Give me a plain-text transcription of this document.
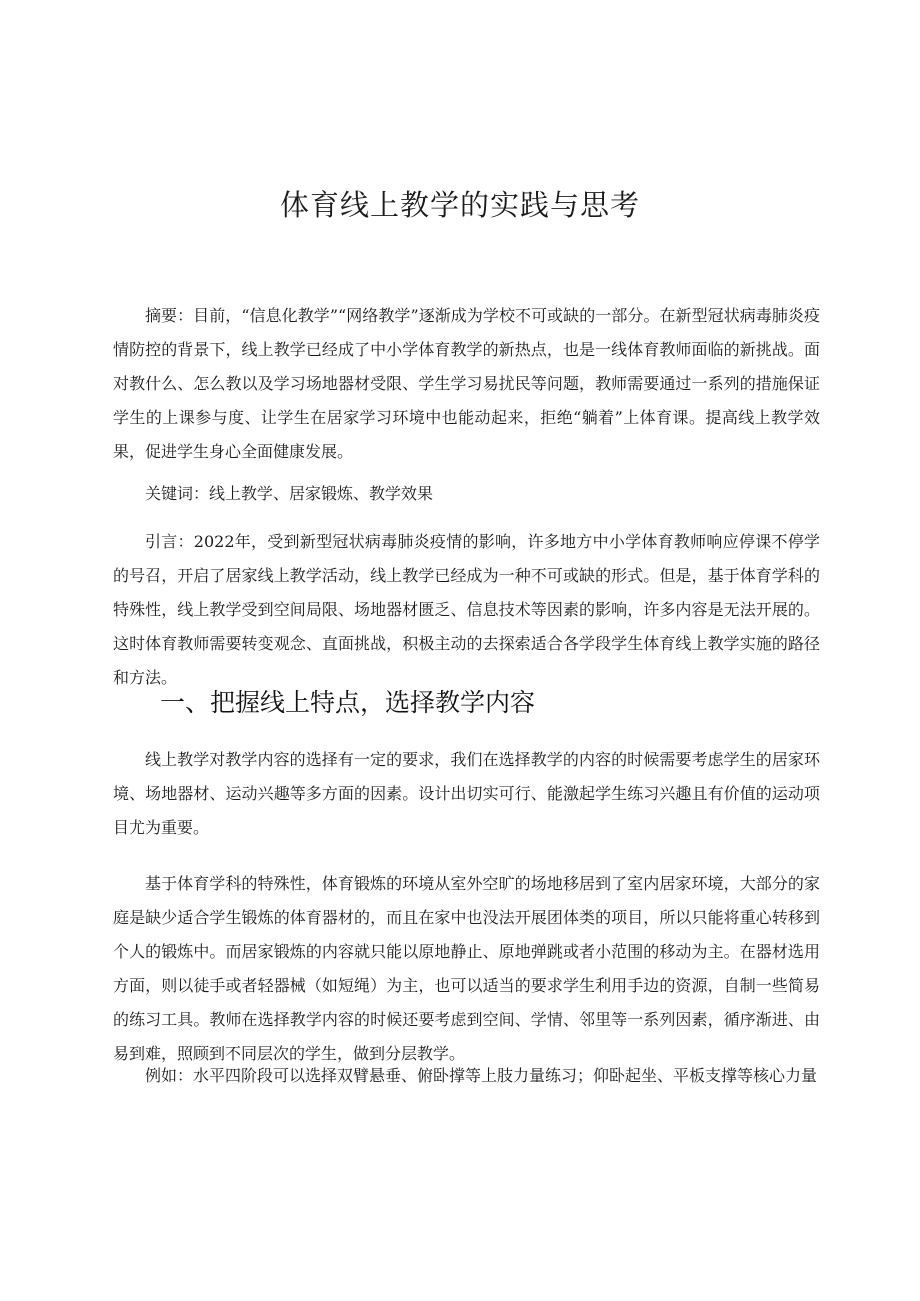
体育线上教学的实践与思考

摘要：目前，“信息化教学”“网络教学”逐渐成为学校不可或缺的一部分。在新型冠状病毒肺炎疫情防控的背景下，线上教学已经成了中小学体育教学的新热点，也是一线体育教师面临的新挑战。面对教什么、怎么教以及学习场地器材受限、学生学习易扰民等问题，教师需要通过一系列的措施保证学生的上课参与度、让学生在居家学习环境中也能动起来，拒绝“躺着”上体育课。提高线上教学效果，促进学生身心全面健康发展。

关键词：线上教学、居家锻炼、教学效果

引言：2022年，受到新型冠状病毒肺炎疫情的影响，许多地方中小学体育教师响应停课不停学的号召，开启了居家线上教学活动，线上教学已经成为一种不可或缺的形式。但是，基于体育学科的特殊性，线上教学受到空间局限、场地器材匮乏、信息技术等因素的影响，许多内容是无法开展的。这时体育教师需要转变观念、直面挑战，积极主动的去探索适合各学段学生体育线上教学实施的路径和方法。

一、把握线上特点，选择教学内容

线上教学对教学内容的选择有一定的要求，我们在选择教学的内容的时候需要考虑学生的居家环境、场地器材、运动兴趣等多方面的因素。设计出切实可行、能激起学生练习兴趣且有价值的运动项目尤为重要。

基于体育学科的特殊性，体育锻炼的环境从室外空旷的场地移居到了室内居家环境，大部分的家庭是缺少适合学生锻炼的体育器材的，而且在家中也没法开展团体类的项目，所以只能将重心转移到个人的锻炼中。而居家锻炼的内容就只能以原地静止、原地弹跳或者小范围的移动为主。在器材选用方面，则以徒手或者轻器械（如短绳）为主，也可以适当的要求学生利用手边的资源，自制一些简易的练习工具。教师在选择教学内容的时候还要考虑到空间、学情、邻里等一系列因素，循序渐进、由易到难，照顾到不同层次的学生，做到分层教学。

例如：水平四阶段可以选择双臂悬垂、俯卧撑等上肢力量练习；仰卧起坐、平板支撑等核心力量
